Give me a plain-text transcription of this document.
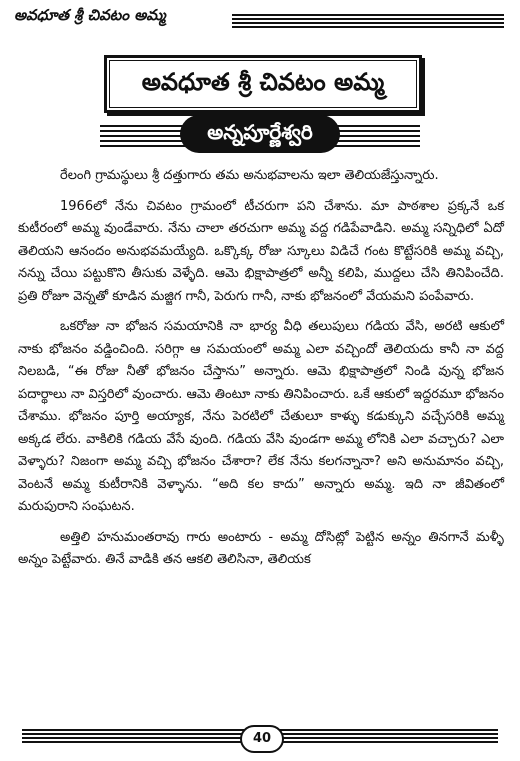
అవధూత శ్రీ చివటం అమ్మ
అవధూత శ్రీ చివటం అమ్మ
అన్నపూర్ణేశ్వరి

రేలంగి గ్రామస్థులు శ్రీ దత్తుగారు తమ అనుభవాలను ఇలా తెలియజేస్తున్నారు.

1966లో నేను చివటం గ్రామంలో టీచరుగా పని చేశాను. మా పాఠశాల ప్రక్కనే ఒక కుటీరంలో అమ్మ వుండేవారు. నేను చాలా తరచుగా అమ్మ వద్ద గడిపేవాడిని. అమ్మ సన్నిధిలో ఏదో తెలియని ఆనందం అనుభవమయ్యేది. ఒక్కొక్క రోజు స్కూలు విడిచే గంట కొట్టేసరికి అమ్మ వచ్చి, నన్ను చేయి పట్టుకొని తీసుకు వెళ్ళేది. ఆమె భిక్షాపాత్రలో అన్నీ కలిపి, ముద్దలు చేసి తినిపించేది. ప్రతి రోజూ వెన్నతో కూడిన మజ్జిగ గానీ, పెరుగు గానీ, నాకు భోజనంలో వేయమని పంపేవారు.

ఒకరోజు నా భోజన సమయానికి నా భార్య వీధి తలుపులు గడియ వేసి, అరటి ఆకులో నాకు భోజనం వడ్డించింది. సరిగ్గా ఆ సమయంలో అమ్మ ఎలా వచ్చిందో తెలియదు కానీ నా వద్ద నిలబడి, “ఈ రోజు నీతో భోజనం చేస్తాను” అన్నారు. ఆమె భిక్షాపాత్రలో నిండి వున్న భోజన పదార్థాలు నా విస్తరిలో వుంచారు. ఆమె తింటూ నాకు తినిపించారు. ఒకే ఆకులో ఇద్దరమూ భోజనం చేశాము. భోజనం పూర్తి అయ్యాక, నేను పెరటిలో చేతులూ కాళ్ళు కడుక్కుని వచ్చేసరికి అమ్మ అక్కడ లేరు. వాకిలికి గడియ వేసే వుంది. గడియ వేసి వుండగా అమ్మ లోనికి ఎలా వచ్చారు? ఎలా వెళ్ళారు? నిజంగా అమ్మ వచ్చి భోజనం చేశారా? లేక నేను కలగన్నానా? అని అనుమానం వచ్చి, వెంటనే అమ్మ కుటీరానికి వెళ్ళాను. “అది కల కాదు” అన్నారు అమ్మ. ఇది నా జీవితంలో మరుపురాని సంఘటన.

అత్తిలి హనుమంతరావు గారు అంటారు - అమ్మ దోసిట్లో పెట్టిన అన్నం తినగానే మళ్ళీ అన్నం పెట్టేవారు. తినే వాడికి తన ఆకలి తెలిసినా, తెలియక

40
